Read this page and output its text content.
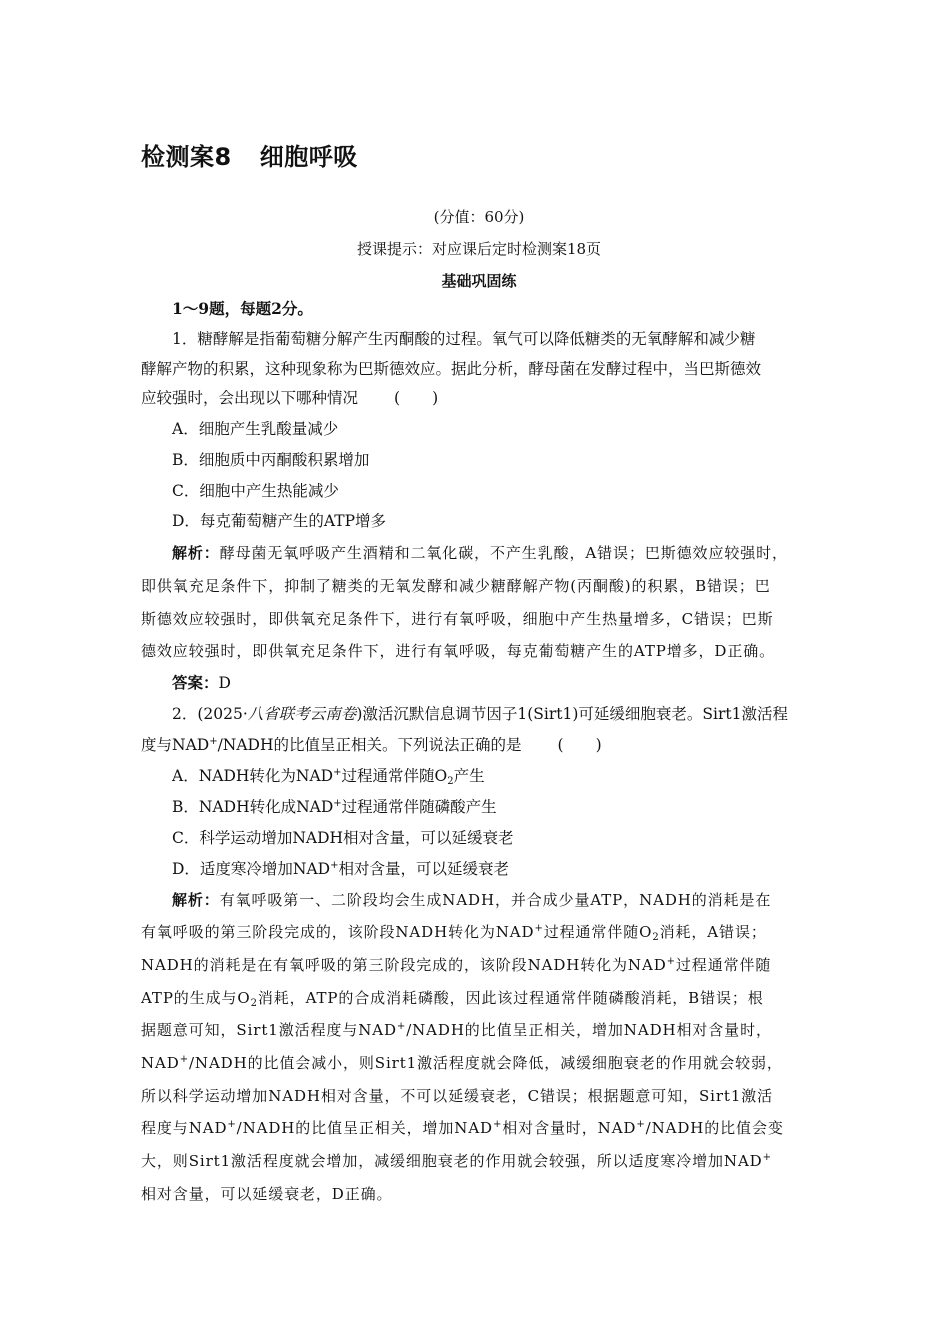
检测案8 细胞呼吸
(分值：60分)
授课提示：对应课后定时检测案18页
基础巩固练
1～9题，每题2分。
1．糖酵解是指葡萄糖分解产生丙酮酸的过程。氧气可以降低糖类的无氧酵解和减少糖
酵解产物的积累，这种现象称为巴斯德效应。据此分析，酵母菌在发酵过程中，当巴斯德效
应较强时，会出现以下哪种情况 ( )
A．细胞产生乳酸量减少
B．细胞质中丙酮酸积累增加
C．细胞中产生热能减少
D．每克葡萄糖产生的ATP增多
解析：酵母菌无氧呼吸产生酒精和二氧化碳，不产生乳酸，A错误；巴斯德效应较强时，
即供氧充足条件下，抑制了糖类的无氧发酵和减少糖酵解产物(丙酮酸)的积累，B错误；巴
斯德效应较强时，即供氧充足条件下，进行有氧呼吸，细胞中产生热量增多，C错误；巴斯
德效应较强时，即供氧充足条件下，进行有氧呼吸，每克葡萄糖产生的ATP增多，D正确。
答案：D
2．(2025·八省联考云南卷)激活沉默信息调节因子1(Sirt1)可延缓细胞衰老。Sirt1激活程
度与NAD+/NADH的比值呈正相关。下列说法正确的是 ( )
A．NADH转化为NAD+过程通常伴随$O_2$产生
B．NADH转化成NAD+过程通常伴随磷酸产生
C．科学运动增加NADH相对含量，可以延缓衰老
D．适度寒冷增加NAD+相对含量，可以延缓衰老
解析：有氧呼吸第一、二阶段均会生成NADH，并合成少量ATP，NADH的消耗是在
有氧呼吸的第三阶段完成的，该阶段NADH转化为NAD+过程通常伴随$O_2$消耗，A错误；
NADH的消耗是在有氧呼吸的第三阶段完成的，该阶段NADH转化为NAD+过程通常伴随
ATP的生成与$O_2$消耗，ATP的合成消耗磷酸，因此该过程通常伴随磷酸消耗，B错误；根
据题意可知，Sirt1激活程度与NAD+/NADH的比值呈正相关，增加NADH相对含量时，
NAD+/NADH的比值会减小，则Sirt1激活程度就会降低，减缓细胞衰老的作用就会较弱，
所以科学运动增加NADH相对含量，不可以延缓衰老，C错误；根据题意可知，Sirt1激活
程度与NAD+/NADH的比值呈正相关，增加NAD+相对含量时，NAD+/NADH的比值会变
大，则Sirt1激活程度就会增加，减缓细胞衰老的作用就会较强，所以适度寒冷增加NAD+
相对含量，可以延缓衰老，D正确。
